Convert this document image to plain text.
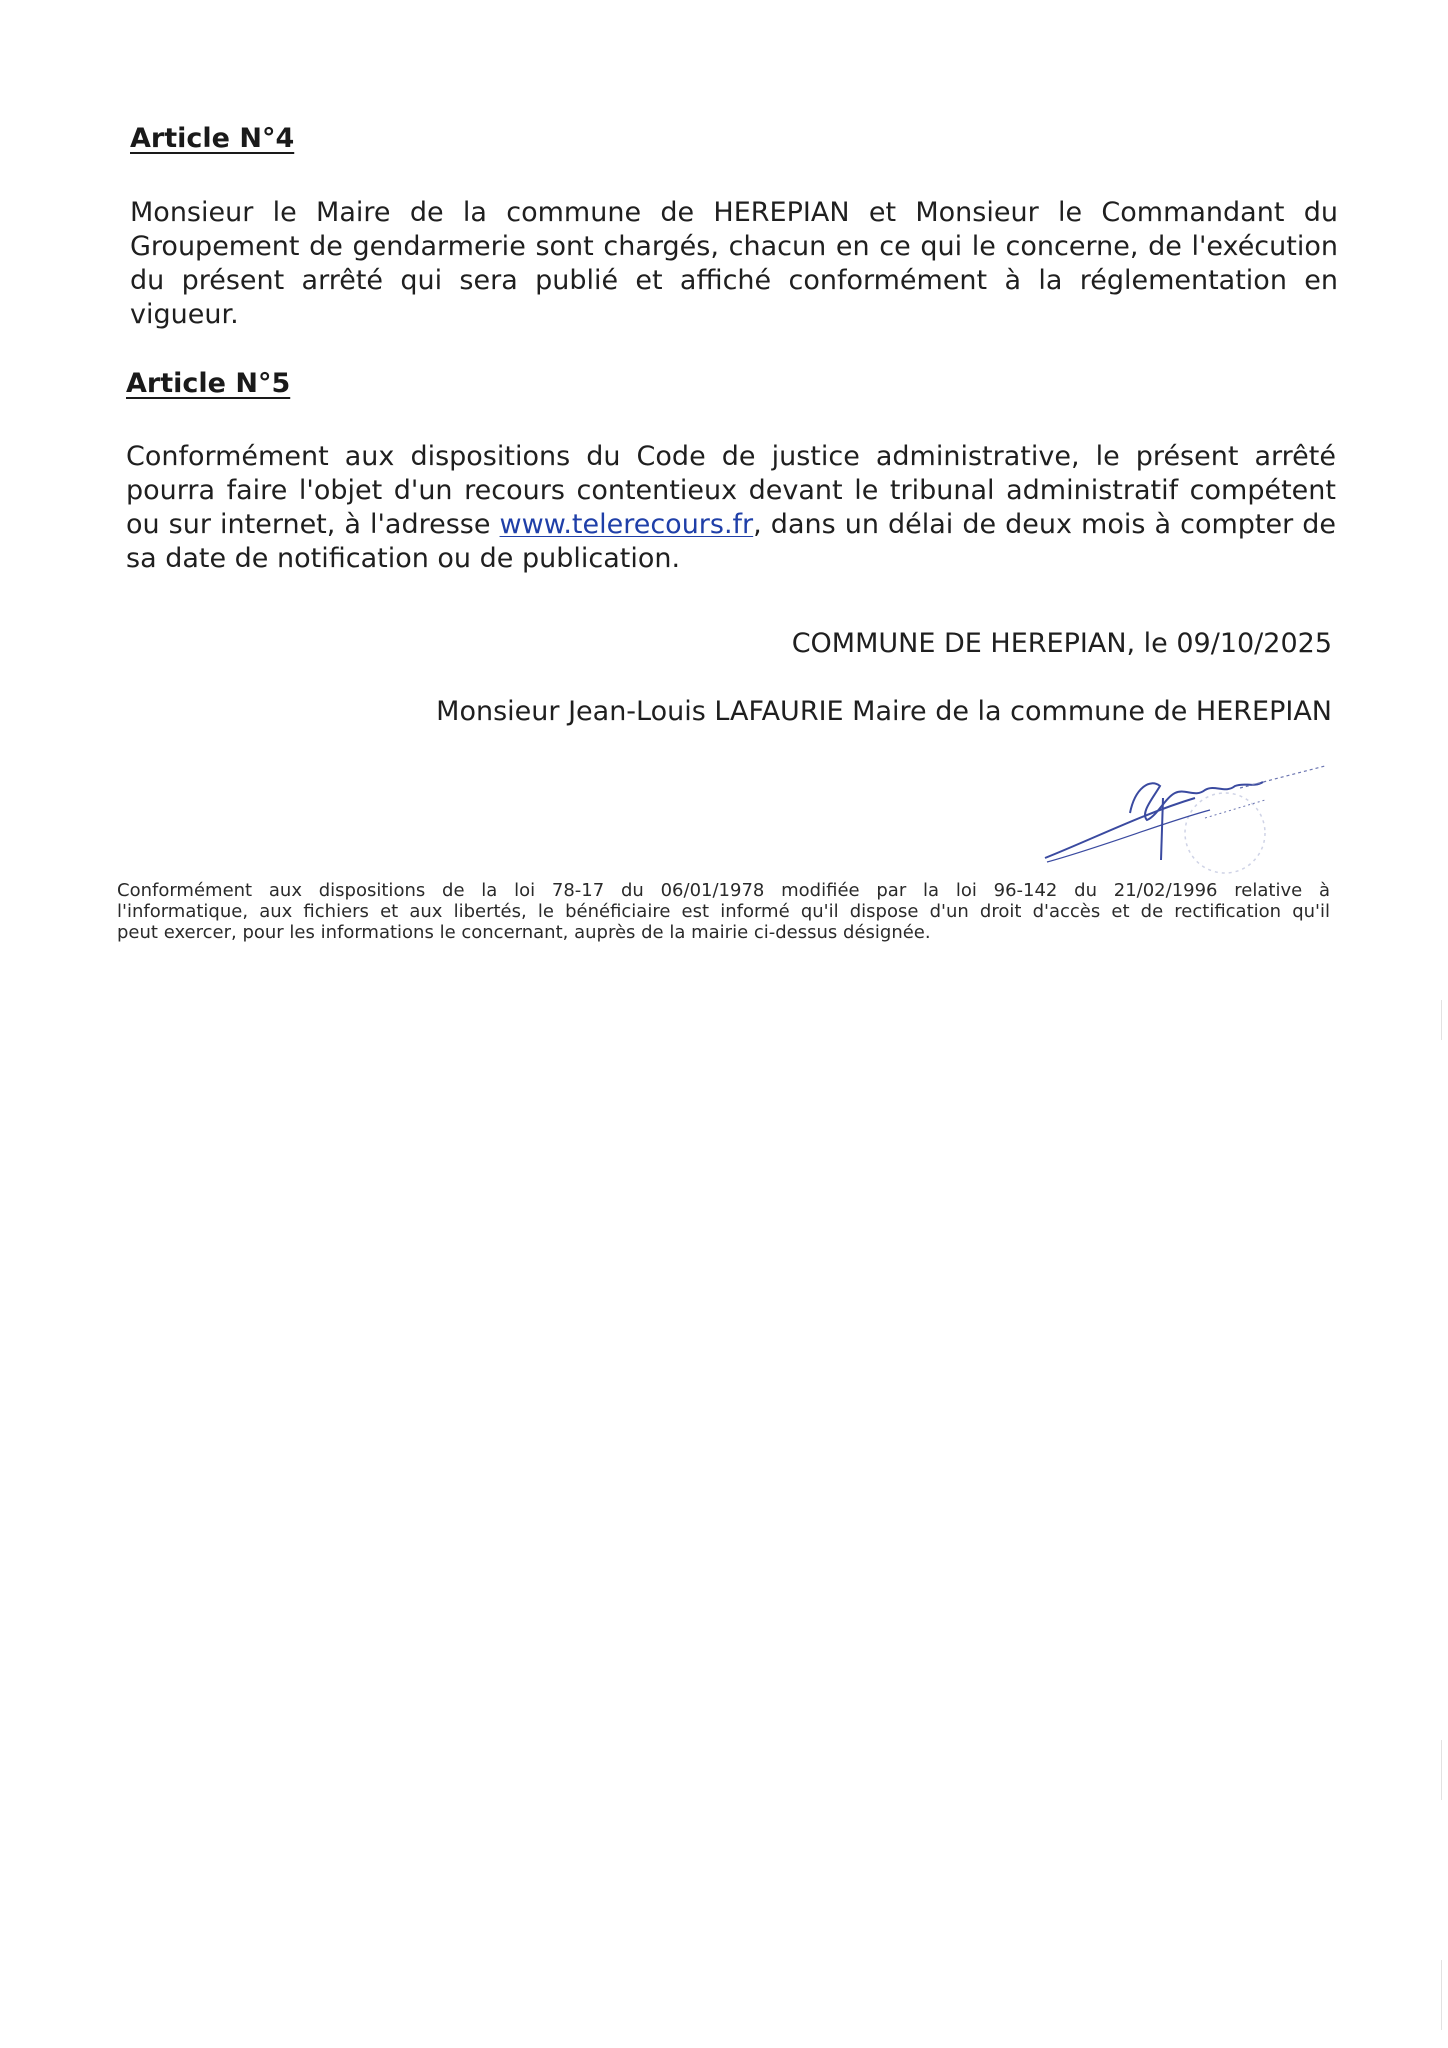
Article N°4
Monsieur le Maire de la commune de HEREPIAN et Monsieur le Commandant du
Groupement de gendarmerie sont chargés, chacun en ce qui le concerne, de l'exécution
du présent arrêté qui sera publié et affiché conformément à la réglementation en
vigueur.
Article N°5
Conformément aux dispositions du Code de justice administrative, le présent arrêté
pourra faire l'objet d'un recours contentieux devant le tribunal administratif compétent
ou sur internet, à l'adresse www.telerecours.fr, dans un délai de deux mois à compter de
sa date de notification ou de publication.

COMMUNE DE HEREPIAN, le 09/10/2025

Monsieur Jean-Louis LAFAURIE Maire de la commune de HEREPIAN

Conformément aux dispositions de la loi 78-17 du 06/01/1978 modifiée par la loi 96-142 du 21/02/1996 relative à
l'informatique, aux fichiers et aux libertés, le bénéficiaire est informé qu'il dispose d'un droit d'accès et de rectification qu'il
peut exercer, pour les informations le concernant, auprès de la mairie ci-dessus désignée.
